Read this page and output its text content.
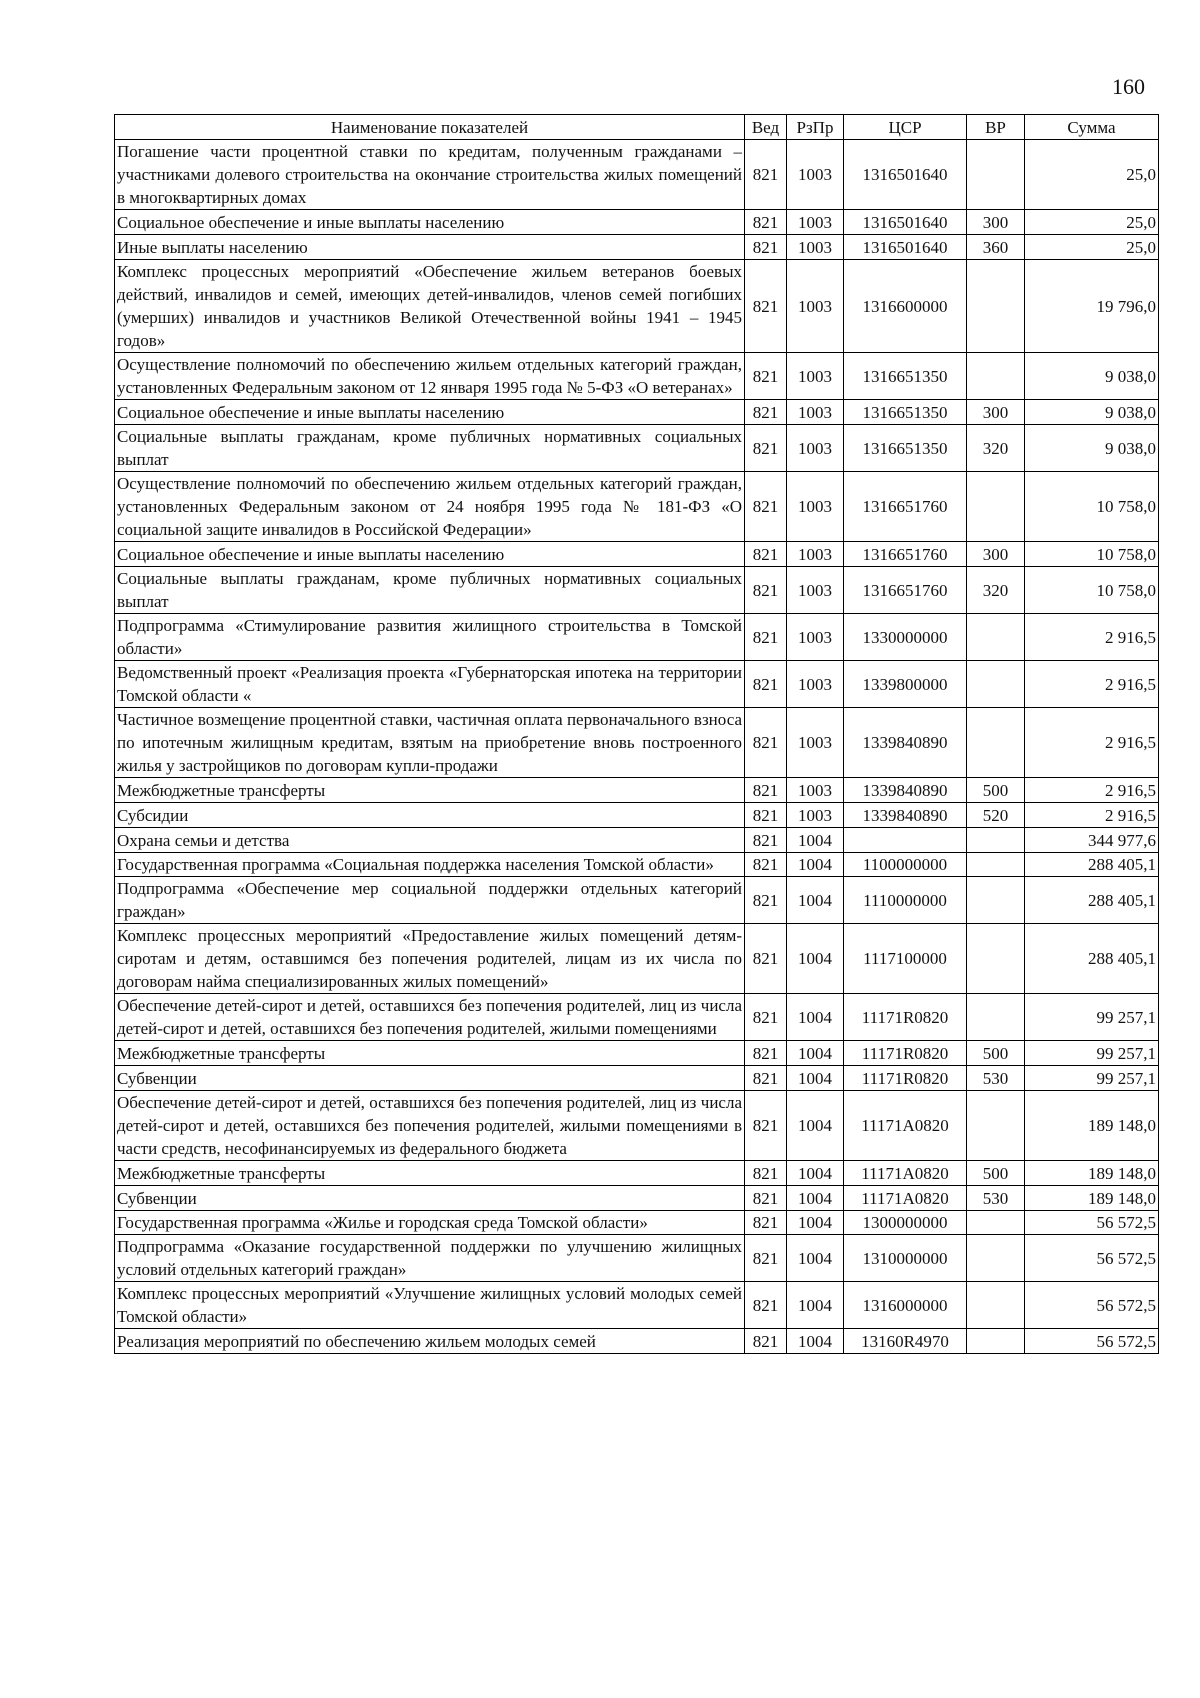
160
Наименование показателей	Вед	РзПр	ЦСР	ВР	Сумма
Погашение части процентной ставки по кредитам, полученным гражданами – участниками долевого строительства на окончание строительства жилых помещений в многоквартирных домах	821	1003	1316501640		25,0
Социальное обеспечение и иные выплаты населению	821	1003	1316501640	300	25,0
Иные выплаты населению	821	1003	1316501640	360	25,0
Комплекс процессных мероприятий «Обеспечение жильем ветеранов боевых действий, инвалидов и семей, имеющих детей-инвалидов, членов семей погибших (умерших) инвалидов и участников Великой Отечественной войны 1941 – 1945 годов»	821	1003	1316600000		19 796,0
Осуществление полномочий по обеспечению жильем отдельных категорий граждан, установленных Федеральным законом от 12 января 1995 года № 5-ФЗ «О ветеранах»	821	1003	1316651350		9 038,0
Социальное обеспечение и иные выплаты населению	821	1003	1316651350	300	9 038,0
Социальные выплаты гражданам, кроме публичных нормативных социальных выплат	821	1003	1316651350	320	9 038,0
Осуществление полномочий по обеспечению жильем отдельных категорий граждан, установленных Федеральным законом от 24 ноября 1995 года № 181-ФЗ «О социальной защите инвалидов в Российской Федерации»	821	1003	1316651760		10 758,0
Социальное обеспечение и иные выплаты населению	821	1003	1316651760	300	10 758,0
Социальные выплаты гражданам, кроме публичных нормативных социальных выплат	821	1003	1316651760	320	10 758,0
Подпрограмма «Стимулирование развития жилищного строительства в Томской области»	821	1003	1330000000		2 916,5
Ведомственный проект «Реализация проекта «Губернаторская ипотека на территории Томской области «	821	1003	1339800000		2 916,5
Частичное возмещение процентной ставки, частичная оплата первоначального взноса по ипотечным жилищным кредитам, взятым на приобретение вновь построенного жилья у застройщиков по договорам купли-продажи	821	1003	1339840890		2 916,5
Межбюджетные трансферты	821	1003	1339840890	500	2 916,5
Субсидии	821	1003	1339840890	520	2 916,5
Охрана семьи и детства	821	1004			344 977,6
Государственная программа «Социальная поддержка населения Томской области»	821	1004	1100000000		288 405,1
Подпрограмма «Обеспечение мер социальной поддержки отдельных категорий граждан»	821	1004	1110000000		288 405,1
Комплекс процессных мероприятий «Предоставление жилых помещений детям-сиротам и детям, оставшимся без попечения родителей, лицам из их числа по договорам найма специализированных жилых помещений»	821	1004	1117100000		288 405,1
Обеспечение детей-сирот и детей, оставшихся без попечения родителей, лиц из числа детей-сирот и детей, оставшихся без попечения родителей, жилыми помещениями	821	1004	11171R0820		99 257,1
Межбюджетные трансферты	821	1004	11171R0820	500	99 257,1
Субвенции	821	1004	11171R0820	530	99 257,1
Обеспечение детей-сирот и детей, оставшихся без попечения родителей, лиц из числа детей-сирот и детей, оставшихся без попечения родителей, жилыми помещениями в части средств, несофинансируемых из федерального бюджета	821	1004	11171A0820		189 148,0
Межбюджетные трансферты	821	1004	11171A0820	500	189 148,0
Субвенции	821	1004	11171A0820	530	189 148,0
Государственная программа «Жилье и городская среда Томской области»	821	1004	1300000000		56 572,5
Подпрограмма «Оказание государственной поддержки по улучшению жилищных условий отдельных категорий граждан»	821	1004	1310000000		56 572,5
Комплекс процессных мероприятий «Улучшение жилищных условий молодых семей Томской области»	821	1004	1316000000		56 572,5
Реализация мероприятий по обеспечению жильем молодых семей	821	1004	13160R4970		56 572,5
